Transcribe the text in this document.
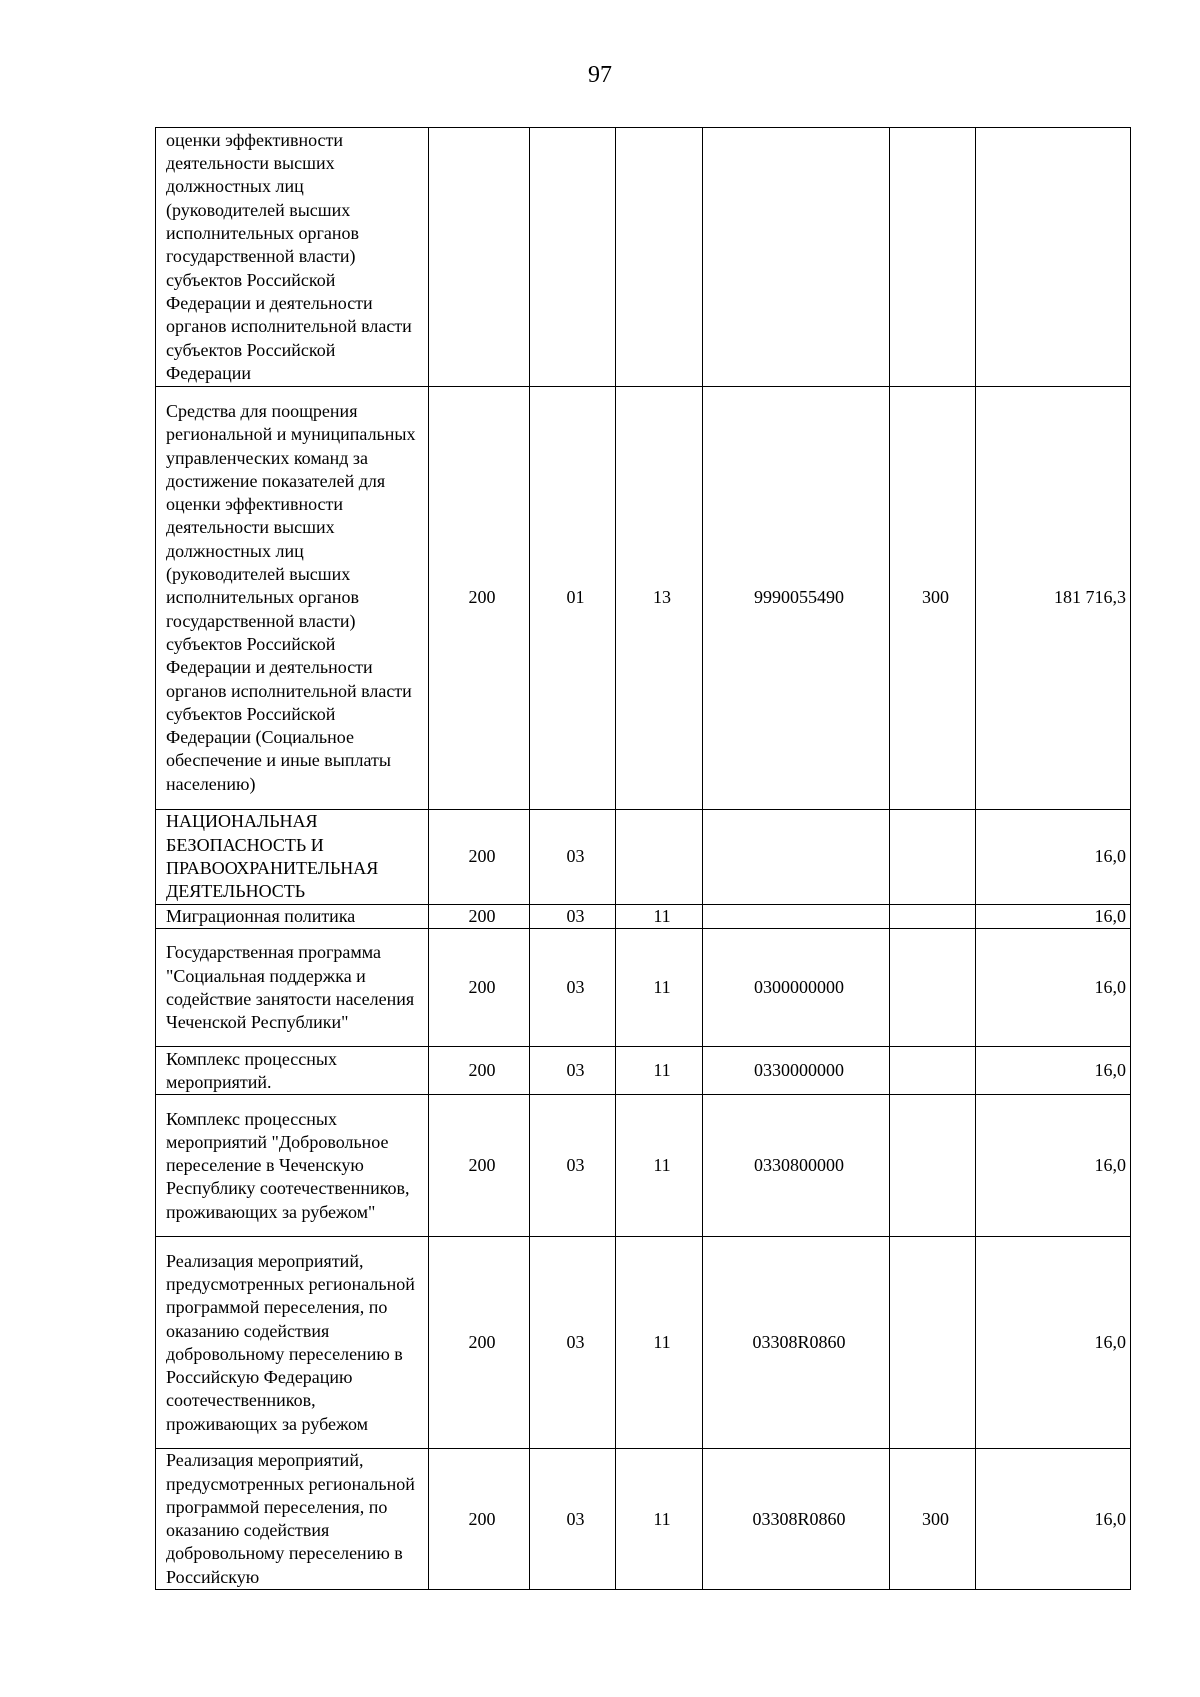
97
оценки эффективности деятельности высших должностных лиц (руководителей высших исполнительных органов государственной власти) субъектов Российской Федерации и деятельности органов исполнительной власти субъектов Российской Федерации						
Средства для поощрения региональной и муниципальных управленческих команд за достижение показателей для оценки эффективности деятельности высших должностных лиц (руководителей высших исполнительных органов государственной власти) субъектов Российской Федерации и деятельности органов исполнительной власти субъектов Российской Федерации (Социальное обеспечение и иные выплаты населению)	200	01	13	9990055490	300	181 716,3
НАЦИОНАЛЬНАЯ БЕЗОПАСНОСТЬ И ПРАВООХРАНИТЕЛЬНАЯ ДЕЯТЕЛЬНОСТЬ	200	03				16,0
Миграционная политика	200	03	11			16,0
Государственная программа "Социальная поддержка и содействие занятости населения Чеченской Республики"	200	03	11	0300000000		16,0
Комплекс процессных мероприятий.	200	03	11	0330000000		16,0
Комплекс процессных мероприятий "Добровольное переселение в Чеченскую Республику соотечественников, проживающих за рубежом"	200	03	11	0330800000		16,0
Реализация мероприятий, предусмотренных региональной программой переселения, по оказанию содействия добровольному переселению в Российскую Федерацию соотечественников, проживающих за рубежом	200	03	11	03308R0860		16,0
Реализация мероприятий, предусмотренных региональной программой переселения, по оказанию содействия добровольному переселению в Российскую	200	03	11	03308R0860	300	16,0
